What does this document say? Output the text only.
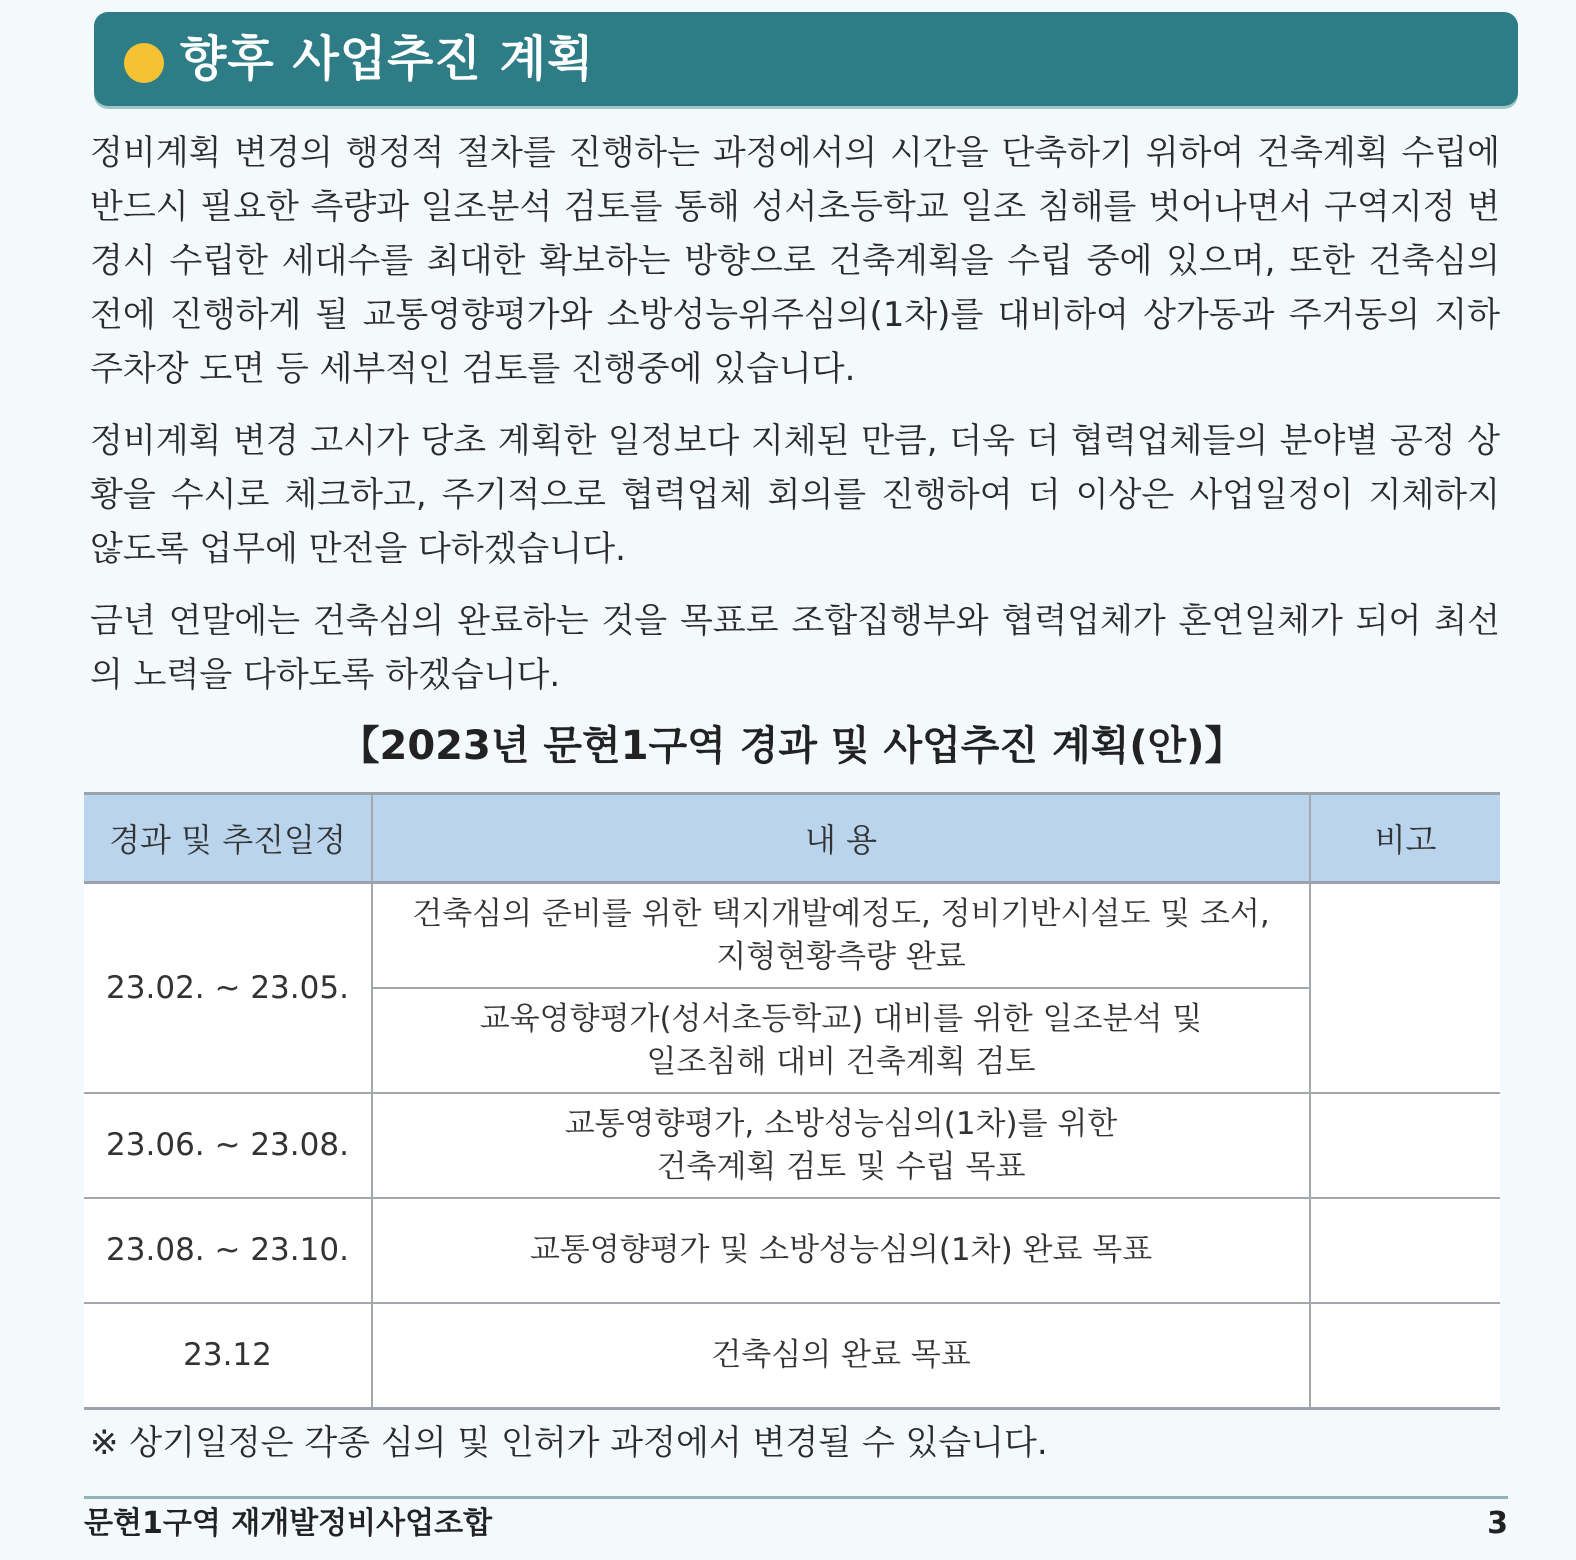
향후 사업추진 계획

정비계획 변경의 행정적 절차를 진행하는 과정에서의 시간을 단축하기 위하여 건축계획 수립에 반드시 필요한 측량과 일조분석 검토를 통해 성서초등학교 일조 침해를 벗어나면서 구역지정 변경시 수립한 세대수를 최대한 확보하는 방향으로 건축계획을 수립 중에 있으며, 또한 건축심의 전에 진행하게 될 교통영향평가와 소방성능위주심의(1차)를 대비하여 상가동과 주거동의 지하 주차장 도면 등 세부적인 검토를 진행중에 있습니다.

정비계획 변경 고시가 당초 계획한 일정보다 지체된 만큼, 더욱 더 협력업체들의 분야별 공정 상황을 수시로 체크하고, 주기적으로 협력업체 회의를 진행하여 더 이상은 사업일정이 지체하지 않도록 업무에 만전을 다하겠습니다.

금년 연말에는 건축심의 완료하는 것을 목표로 조합집행부와 협력업체가 혼연일체가 되어 최선의 노력을 다하도록 하겠습니다.

【2023년 문현1구역 경과 및 사업추진 계획(안)】
경과 및 추진일정	내 용	비고
23.02. ~ 23.05.	건축심의 준비를 위한 택지개발예정도, 정비기반시설도 및 조서,
지형현황측량 완료	

	교육영향평가(성서초등학교) 대비를 위한 일조분석 및
일조침해 대비 건축계획 검토	

23.06. ~ 23.08.	교통영향평가, 소방성능심의(1차)를 위한
건축계획 검토 및 수립 목표	

23.08. ~ 23.10.	교통영향평가 및 소방성능심의(1차) 완료 목표	

23.12	건축심의 완료 목표	

※ 상기일정은 각종 심의 및 인허가 과정에서 변경될 수 있습니다.
문현1구역 재개발정비사업조합	3
